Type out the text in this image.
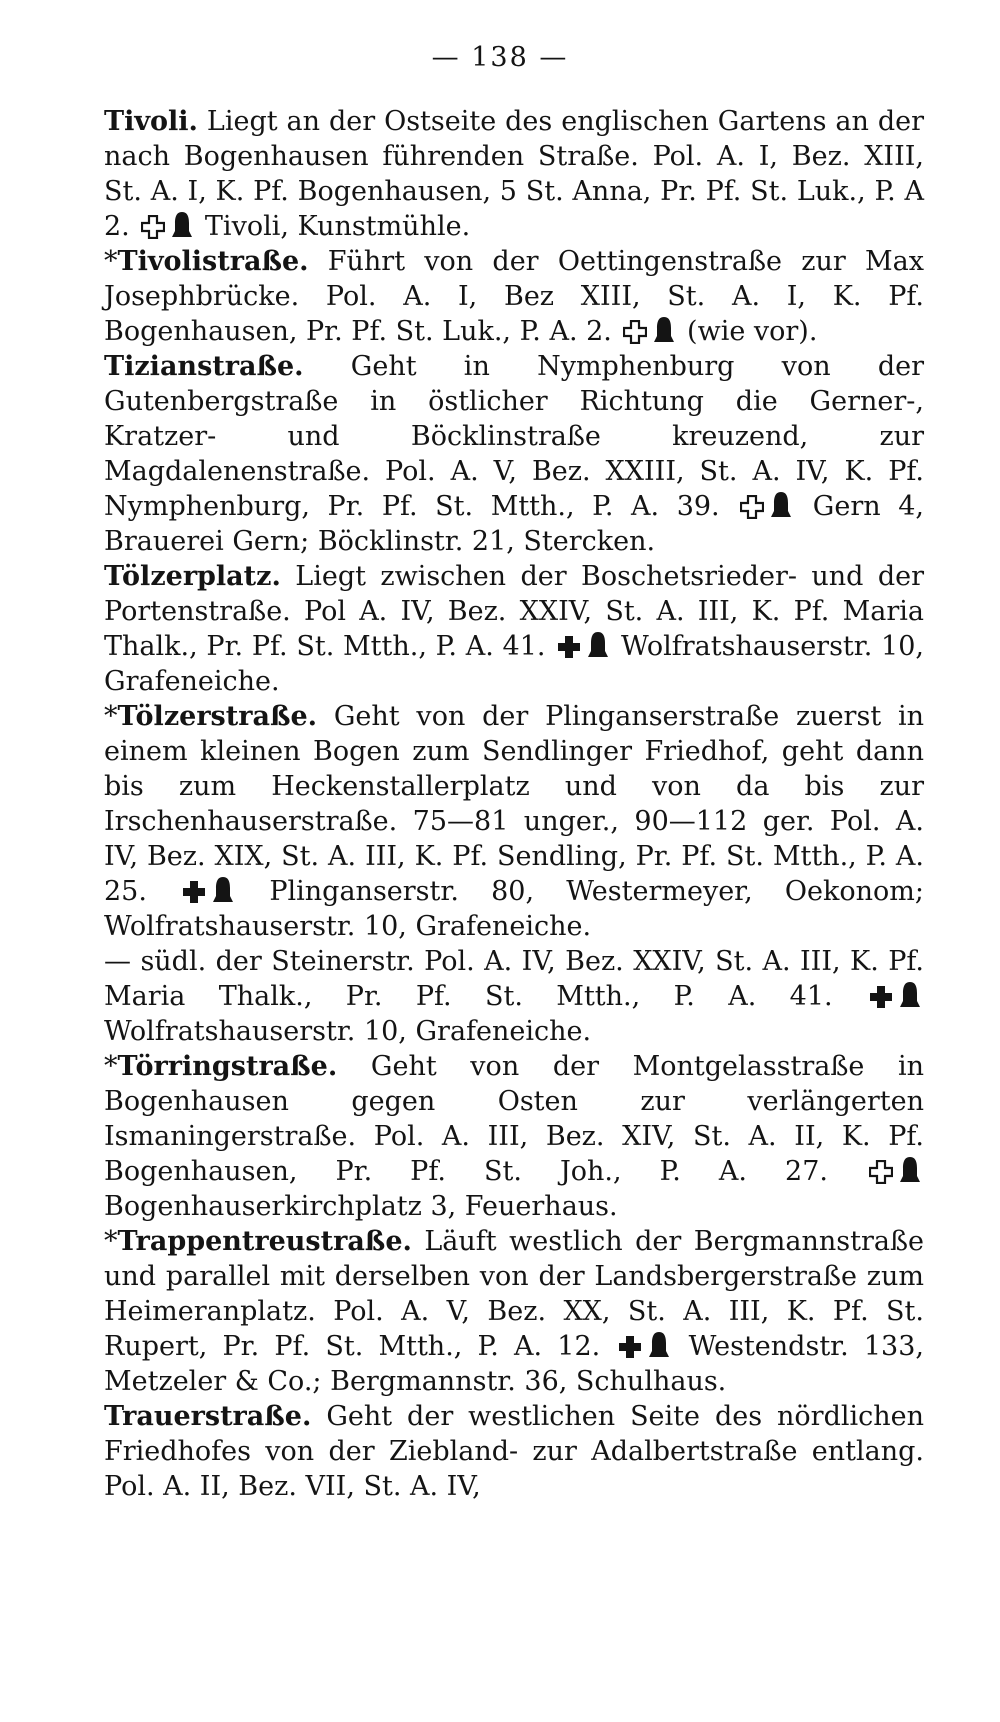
— 138 —

Tivoli. Liegt an der Ostseite des englischen Gartens an der nach Bogenhausen führenden Straße. Pol. A. I, Bez. XIII, St. A. I, K. Pf. Bogenhausen, 5 St. Anna, Pr. Pf. St. Luk., P. A 2.  Tivoli, Kunstmühle.

*Tivolistraße. Führt von der Oettingenstraße zur Max Josephbrücke. Pol. A. I, Bez XIII, St. A. I, K. Pf. Bogenhausen, Pr. Pf. St. Luk., P. A. 2.  (wie vor).

Tizianstraße. Geht in Nymphenburg von der Gutenbergstraße in östlicher Richtung die Gerner-, Kratzer- und Böcklinstraße kreuzend, zur Magdalenenstraße. Pol. A. V, Bez. XXIII, St. A. IV, K. Pf. Nymphenburg, Pr. Pf. St. Mtth., P. A. 39.  Gern 4, Brauerei Gern; Böcklinstr. 21, Stercken.

Tölzerplatz. Liegt zwischen der Boschetsrieder- und der Portenstraße. Pol A. IV, Bez. XXIV, St. A. III, K. Pf. Maria Thalk., Pr. Pf. St. Mtth., P. A. 41.  Wolfratshauserstr. 10, Grafeneiche.

*Tölzerstraße. Geht von der Plinganserstraße zuerst in einem kleinen Bogen zum Sendlinger Friedhof, geht dann bis zum Heckenstallerplatz und von da bis zur Irschenhauserstraße. 75—81 unger., 90—112 ger. Pol. A. IV, Bez. XIX, St. A. III, K. Pf. Sendling, Pr. Pf. St. Mtth., P. A. 25.  Plinganserstr. 80, Westermeyer, Oekonom; Wolfratshauserstr. 10, Grafeneiche.

— südl. der Steinerstr. Pol. A. IV, Bez. XXIV, St. A. III, K. Pf. Maria Thalk., Pr. Pf. St. Mtth., P. A. 41.  Wolfratshauserstr. 10, Grafeneiche.

*Törringstraße. Geht von der Montgelasstraße in Bogenhausen gegen Osten zur verlängerten Ismaningerstraße. Pol. A. III, Bez. XIV, St. A. II, K. Pf. Bogenhausen, Pr. Pf. St. Joh., P. A. 27.  Bogenhauserkirchplatz 3, Feuerhaus.

*Trappentreustraße. Läuft westlich der Bergmannstraße und parallel mit derselben von der Landsbergerstraße zum Heimeranplatz. Pol. A. V, Bez. XX, St. A. III, K. Pf. St. Rupert, Pr. Pf. St. Mtth., P. A. 12.  Westendstr. 133, Metzeler & Co.; Bergmannstr. 36, Schulhaus.

Trauerstraße. Geht der westlichen Seite des nördlichen Friedhofes von der Ziebland- zur Adalbertstraße entlang. Pol. A. II, Bez. VII, St. A. IV,
